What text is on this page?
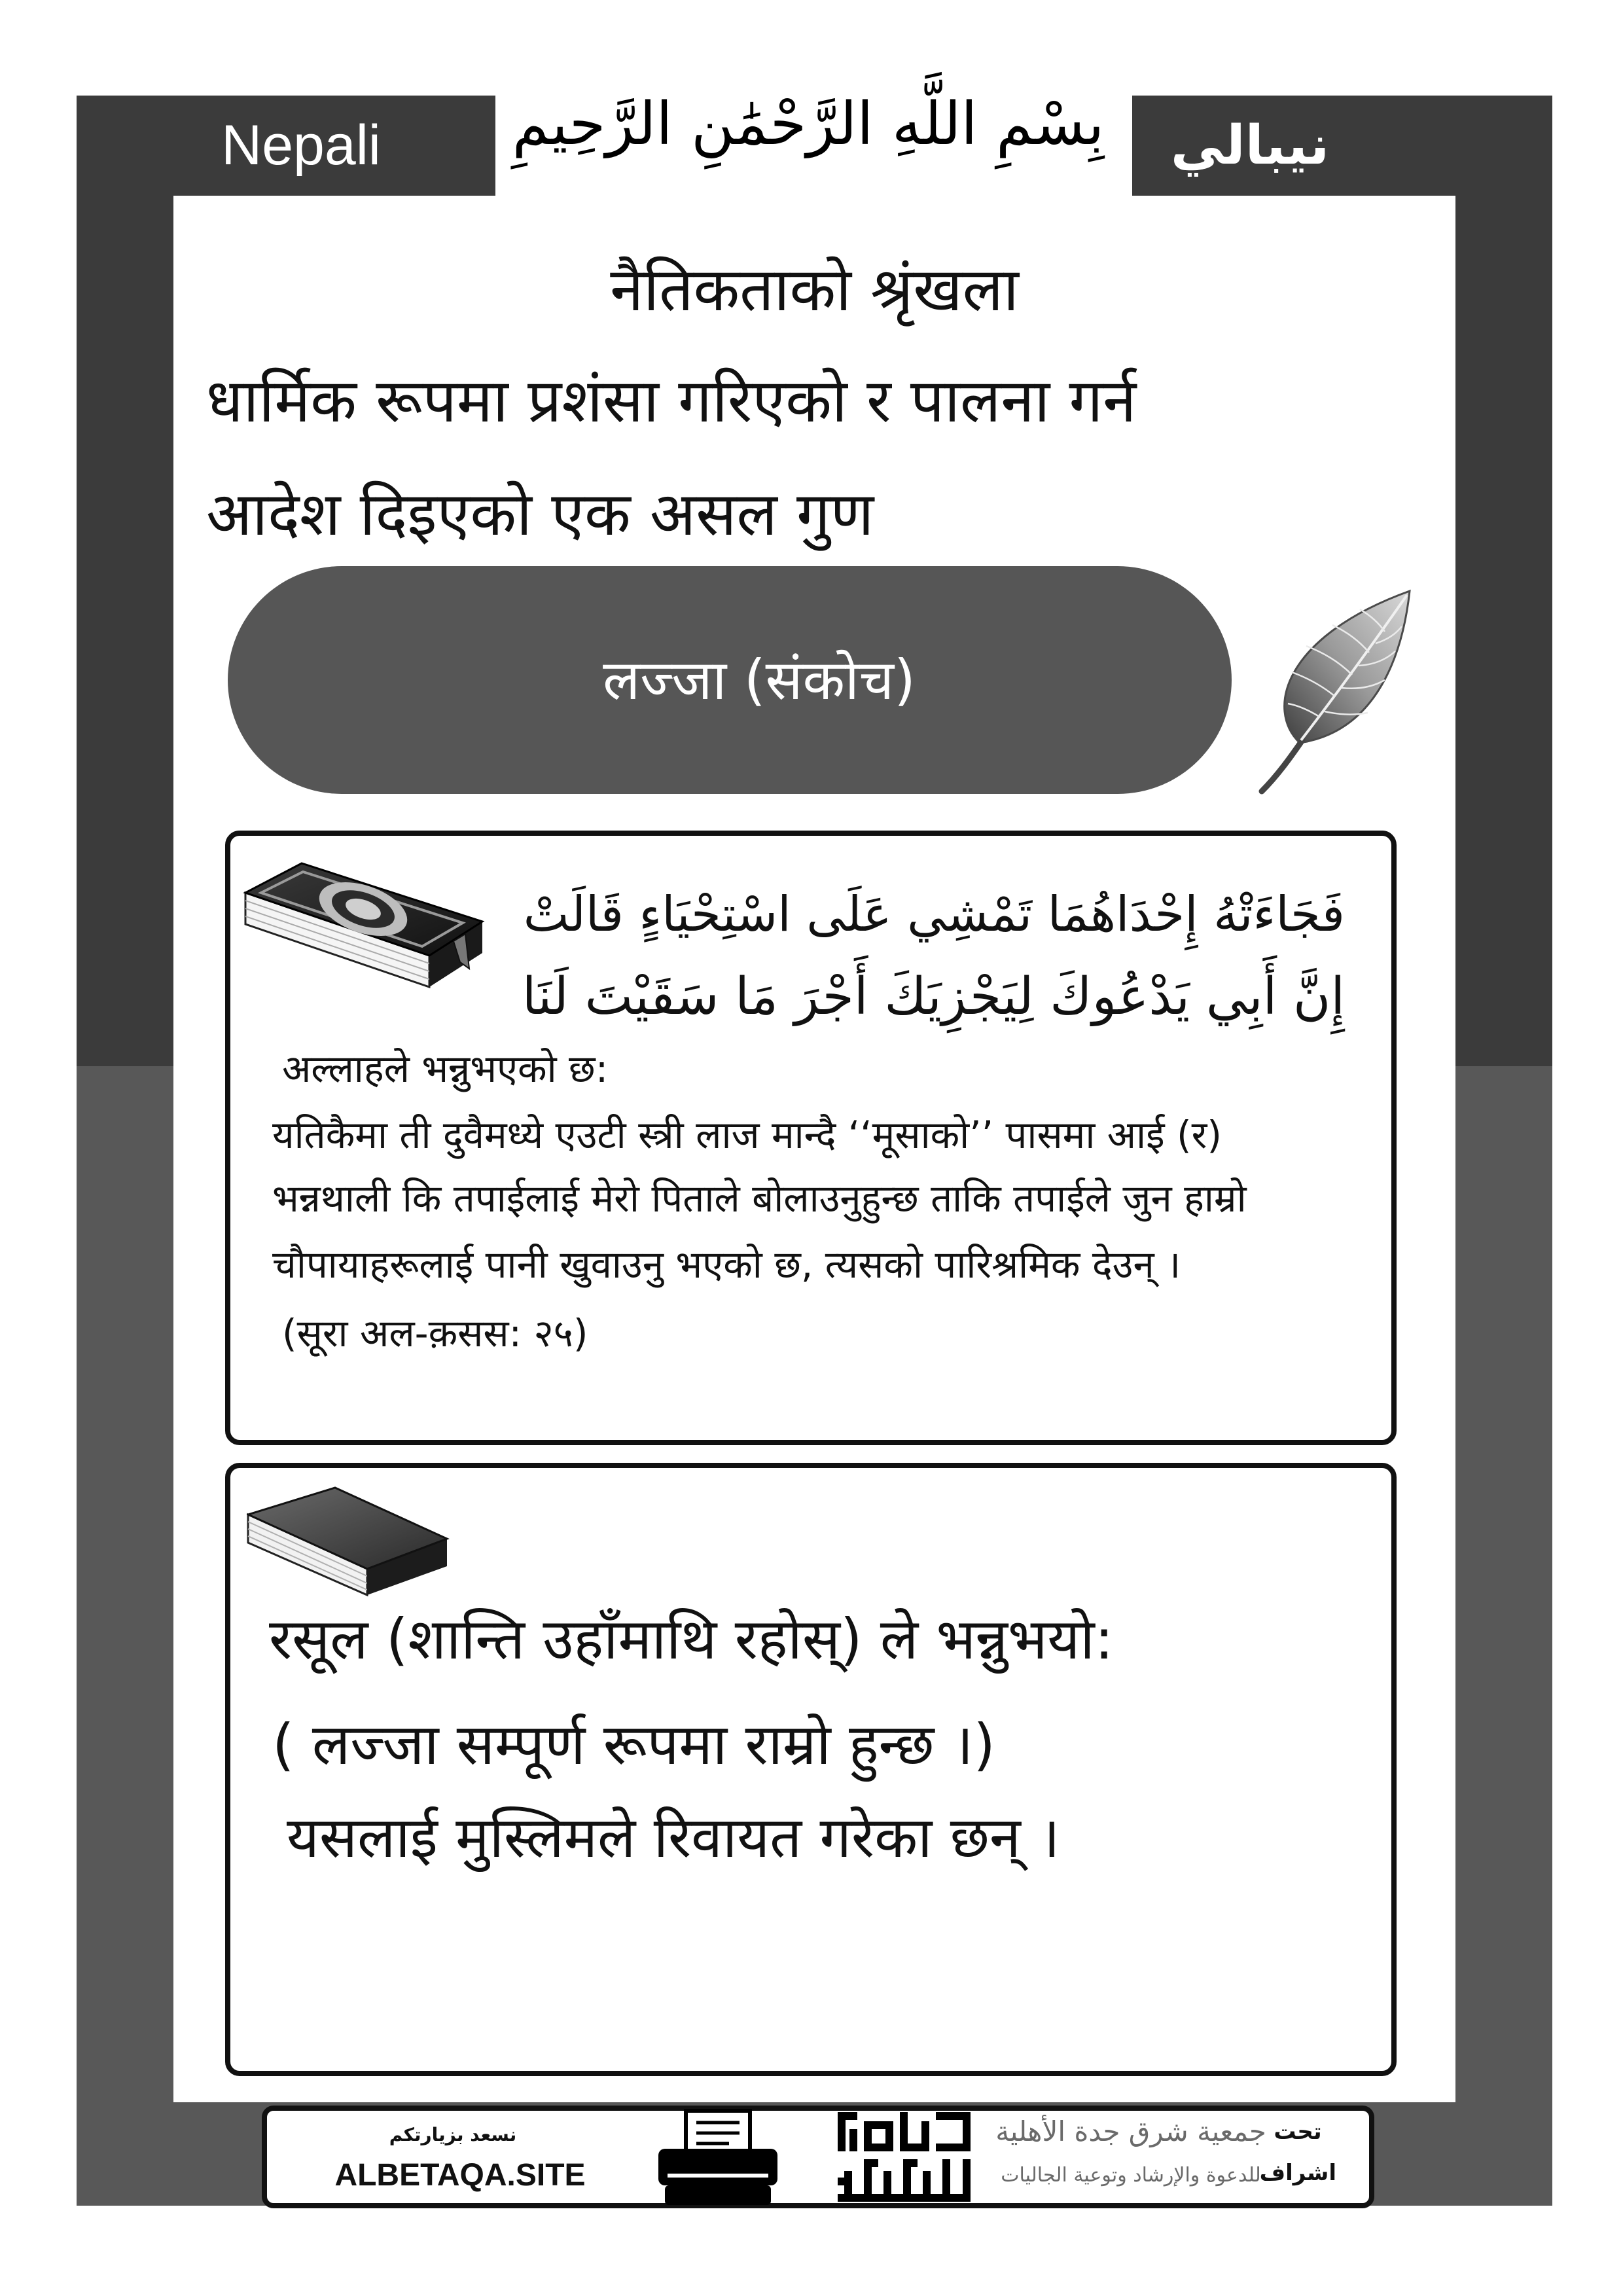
Nepali	بِسْمِ اللَّهِ الرَّحْمَٰنِ الرَّحِيمِ	نيبالي
नैतिकताको श्रृंखला
धार्मिक रूपमा प्रशंसा गरिएको र पालना गर्न
आदेश दिइएको एक असल गुण
लज्जा (संकोच)
فَجَاءَتْهُ إِحْدَاهُمَا تَمْشِي عَلَى اسْتِحْيَاءٍ قَالَتْ
إِنَّ أَبِي يَدْعُوكَ لِيَجْزِيَكَ أَجْرَ مَا سَقَيْتَ لَنَا
अल्लाहले भन्नुभएको छ:
यतिकैमा ती दुवैमध्ये एउटी स्त्री लाज मान्दै ‘‘मूसाको’’ पासमा आई (र)
भन्नथाली कि तपाईलाई मेरो पिताले बोलाउनुहुन्छ ताकि तपाईले जुन हाम्रो
चौपायाहरूलाई पानी खुवाउनु भएको छ, त्यसको पारिश्रमिक देउन् ।
(सूरा अल-क़सस: २५)
रसूल (शान्ति उहाँमाथि रहोस्) ले भन्नुभयो:
( लज्जा सम्पूर्ण रूपमा राम्रो हुन्छ ।)
यसलाई मुस्लिमले रिवायत गरेका छन् ।
نسعد بزيارتكم
ALBETAQA.SITE
جمعية شرق جدة الأهلية
للدعوة والإرشاد وتوعية الجاليات
تحت
اشراف
